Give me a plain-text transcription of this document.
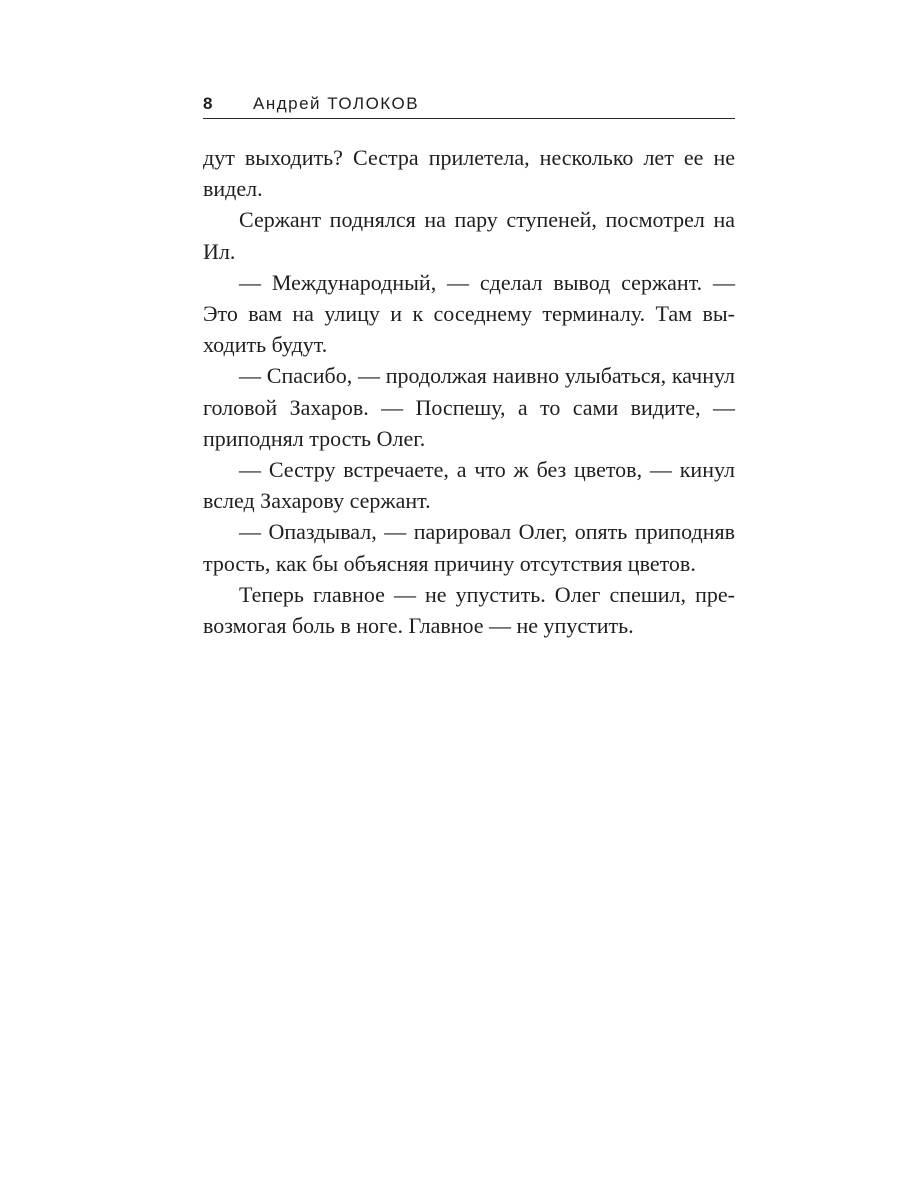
8 Андрей ТОЛОКОВ

дут выходить? Сестра прилетела, несколько лет ее не видел.

Сержант поднялся на пару ступеней, посмотрел на Ил.

— Международный, — сделал вывод сержант. — Это вам на улицу и к соседнему терминалу. Там выходить будут.

— Спасибо, — продолжая наивно улыбаться, качнул головой Захаров. — Поспешу, а то сами видите, — приподнял трость Олег.

— Сестру встречаете, а что ж без цветов, — кинул вслед Захарову сержант.

— Опаздывал, — парировал Олег, опять приподняв трость, как бы объясняя причину отсутствия цветов.

Теперь главное — не упустить. Олег спешил, превозмогая боль в ноге. Главное — не упустить.
